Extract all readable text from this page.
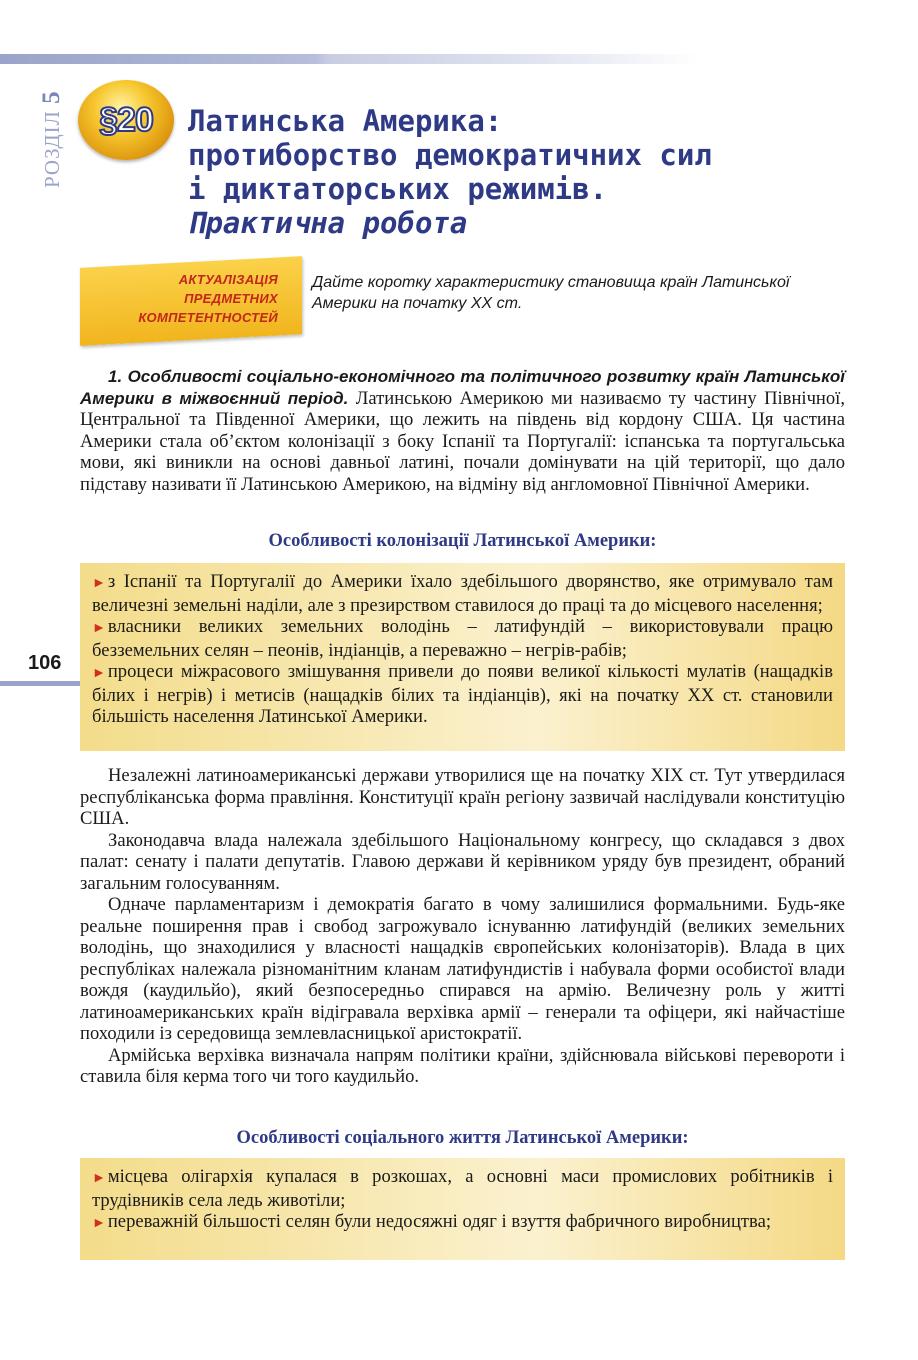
РОЗДІЛ 5
§20 Латинська Америка:
протиборство демократичних сил
і диктаторських режимів.
Практична робота
АКТУАЛІЗАЦІЯ
ПРЕДМЕТНИХ
КОМПЕТЕНТНОСТЕЙ
Дайте коротку характеристику становища країн Латинської Америки на початку XX ст.

1. Особливості соціально-економічного та політичного розвитку країн Латинської Америки в міжвоєнний період. Латинською Америкою ми називаємо ту частину Північної, Центральної та Південної Америки, що лежить на південь від кордону США. Ця частина Америки стала об’єктом колонізації з боку Іспанії та Португалії: іспанська та португальська мови, які виникли на основі давньої латині, почали домінувати на цій території, що дало підставу називати її Латинською Америкою, на відміну від англомовної Північної Америки.

Особливості колонізації Латинської Америки:
► з Іспанії та Португалії до Америки їхало здебільшого дворянство, яке отримувало там величезні земельні наділи, але з презирством ставилося до праці та до місцевого населення;
► власники великих земельних володінь – латифундій – використовували працю безземельних селян – пеонів, індіанців, а переважно – негрів-рабів;
► процеси міжрасового змішування привели до появи великої кількості мулатів (нащадків білих і негрів) і метисів (нащадків білих та індіанців), які на початку XX ст. становили більшість населення Латинської Америки.
106

Незалежні латиноамериканські держави утворилися ще на початку XIX ст. Тут утвердилася республіканська форма правління. Конституції країн регіону зазвичай наслідували конституцію США.

Законодавча влада належала здебільшого Національному конгресу, що складався з двох палат: сенату і палати депутатів. Главою держави й керівником уряду був президент, обраний загальним голосуванням.

Одначе парламентаризм і демократія багато в чому залишилися формальними. Будь-яке реальне поширення прав і свобод загрожувало існуванню латифундій (великих земельних володінь, що знаходилися у власності нащадків європейських колонізаторів). Влада в цих республіках належала різноманітним кланам латифундистів і набувала форми особистої влади вождя (каудильйо), який безпосередньо спирався на армію. Величезну роль у житті латиноамериканських країн відігравала верхівка армії – генерали та офіцери, які найчастіше походили із середовища землевласницької аристократії.

Армійська верхівка визначала напрям політики країни, здійснювала військові перевороти і ставила біля керма того чи того каудильйо.

Особливості соціального життя Латинської Америки:
► місцева олігархія купалася в розкошах, а основні маси промислових робітників і трудівників села ледь животіли;
► переважній більшості селян були недосяжні одяг і взуття фабричного виробництва;
